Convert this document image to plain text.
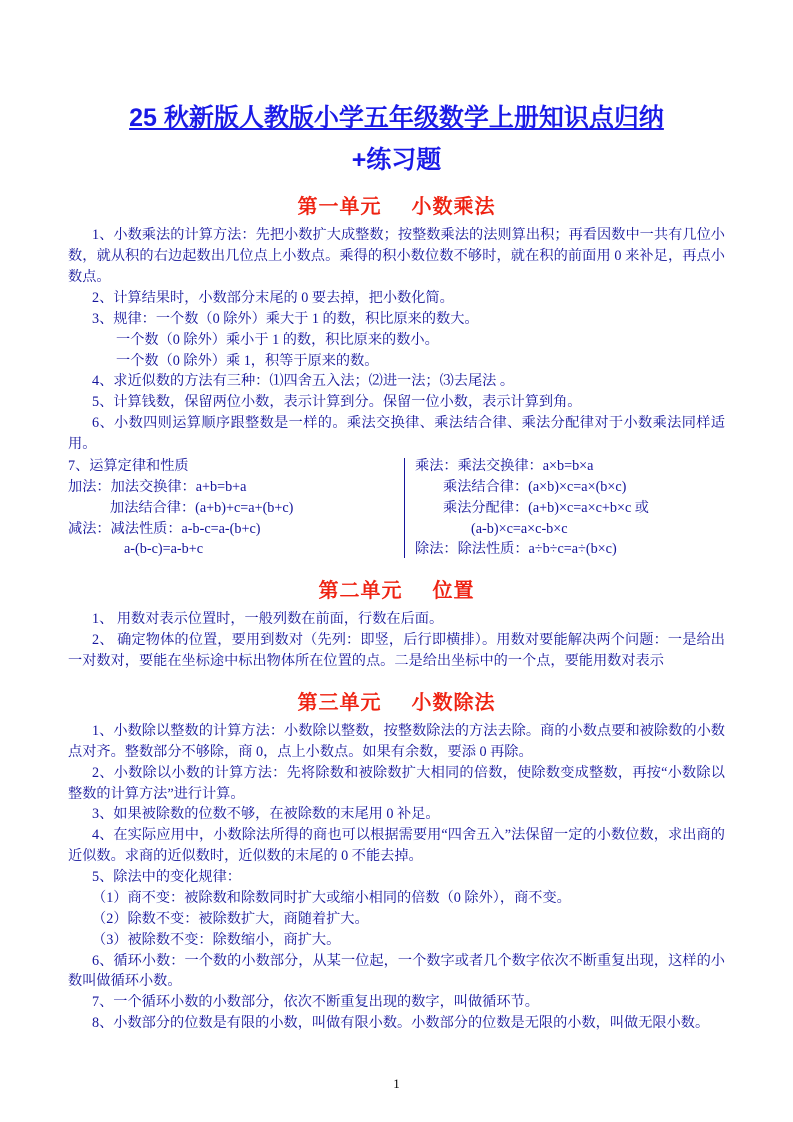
25 秋新版人教版小学五年级数学上册知识点归纳
+练习题
第一单元 小数乘法

1、小数乘法的计算方法：先把小数扩大成整数；按整数乘法的法则算出积；再看因数中一共有几位小数，就从积的右边起数出几位点上小数点。乘得的积小数位数不够时，就在积的前面用 0 来补足，再点小数点。

2、计算结果时，小数部分末尾的 0 要去掉，把小数化简。

3、规律：一个数（0 除外）乘大于 1 的数，积比原来的数大。

一个数（0 除外）乘小于 1 的数，积比原来的数小。

一个数（0 除外）乘 1，积等于原来的数。

4、求近似数的方法有三种：⑴四舍五入法；⑵进一法；⑶去尾法 。

5、计算钱数，保留两位小数，表示计算到分。保留一位小数，表示计算到角。

6、小数四则运算顺序跟整数是一样的。乘法交换律、乘法结合律、乘法分配律对于小数乘法同样适用。

7、运算定律和性质

加法：加法交换律：a+b=b+a

加法结合律：(a+b)+c=a+(b+c)

减法：减法性质：a-b-c=a-(b+c)

a-(b-c)=a-b+c

乘法：乘法交换律：a×b=b×a

乘法结合律：(a×b)×c=a×(b×c)

乘法分配律：(a+b)×c=a×c+b×c 或

(a-b)×c=a×c-b×c

除法：除法性质：a÷b÷c=a÷(b×c)

第二单元 位置

1、 用数对表示位置时，一般列数在前面，行数在后面。

2、 确定物体的位置，要用到数对（先列：即竖，后行即横排）。用数对要能解决两个问题：一是给出一对数对，要能在坐标途中标出物体所在位置的点。二是给出坐标中的一个点，要能用数对表示

第三单元 小数除法

1、小数除以整数的计算方法：小数除以整数，按整数除法的方法去除。商的小数点要和被除数的小数点对齐。整数部分不够除，商 0，点上小数点。如果有余数，要添 0 再除。

2、小数除以小数的计算方法：先将除数和被除数扩大相同的倍数，使除数变成整数，再按“小数除以整数的计算方法”进行计算。

3、如果被除数的位数不够，在被除数的末尾用 0 补足。

4、在实际应用中，小数除法所得的商也可以根据需要用“四舍五入”法保留一定的小数位数，求出商的近似数。求商的近似数时，近似数的末尾的 0 不能去掉。

5、除法中的变化规律：

（1）商不变：被除数和除数同时扩大或缩小相同的倍数（0 除外），商不变。

（2）除数不变：被除数扩大，商随着扩大。

（3）被除数不变：除数缩小，商扩大。

6、循环小数：一个数的小数部分，从某一位起，一个数字或者几个数字依次不断重复出现，这样的小数叫做循环小数。

7、一个循环小数的小数部分，依次不断重复出现的数字，叫做循环节。

8、小数部分的位数是有限的小数，叫做有限小数。小数部分的位数是无限的小数，叫做无限小数。

1
